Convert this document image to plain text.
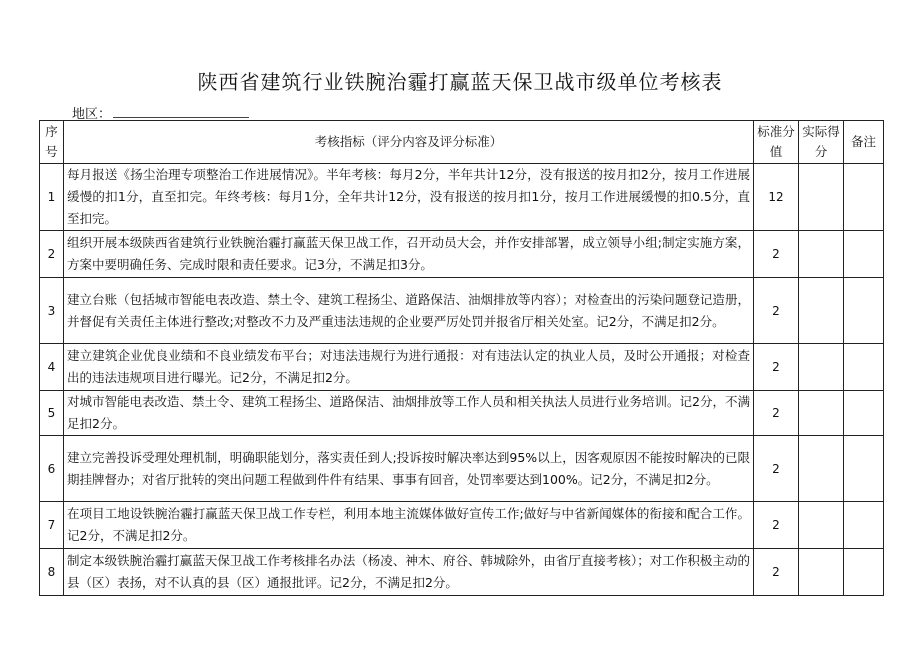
陕西省建筑行业铁腕治霾打赢蓝天保卫战市级单位考核表
地区：
序号	考核指标（评分内容及评分标准）	标准分值	实际得分	备注
1	每月报送《扬尘治理专项整治工作进展情况》。半年考核：每月2分，半年共计12分，没有报送的按月扣2分，按月工作进展缓慢的扣1分，直至扣完。年终考核：每月1分，全年共计12分，没有报送的按月扣1分，按月工作进展缓慢的扣0.5分，直至扣完。	12		
2	组织开展本级陕西省建筑行业铁腕治霾打赢蓝天保卫战工作，召开动员大会，并作安排部署，成立领导小组;制定实施方案，方案中要明确任务、完成时限和责任要求。记3分，不满足扣3分。	2		
3	建立台账（包括城市智能电表改造、禁土令、建筑工程扬尘、道路保洁、油烟排放等内容）；对检查出的污染问题登记造册，并督促有关责任主体进行整改;对整改不力及严重违法违规的企业要严厉处罚并报省厅相关处室。记2分，不满足扣2分。	2		
4	建立建筑企业优良业绩和不良业绩发布平台；对违法违规行为进行通报：对有违法认定的执业人员，及时公开通报；对检查出的违法违规项目进行曝光。记2分，不满足扣2分。	2		
5	对城市智能电表改造、禁土令、建筑工程扬尘、道路保洁、油烟排放等工作人员和相关执法人员进行业务培训。记2分，不满足扣2分。	2		
6	建立完善投诉受理处理机制，明确职能划分，落实责任到人;投诉按时解决率达到95%以上，因客观原因不能按时解决的已限期挂牌督办；对省厅批转的突出问题工程做到件件有结果、事事有回音，处罚率要达到100%。记2分，不满足扣2分。	2		
7	在项目工地设铁腕治霾打赢蓝天保卫战工作专栏，利用本地主流媒体做好宣传工作;做好与中省新闻媒体的衔接和配合工作。记2分，不满足扣2分。	2		
8	制定本级铁腕治霾打赢蓝天保卫战工作考核排名办法（杨凌、神木、府谷、韩城除外，由省厅直接考核）；对工作积极主动的县（区）表扬，对不认真的县（区）通报批评。记2分，不满足扣2分。	2		
